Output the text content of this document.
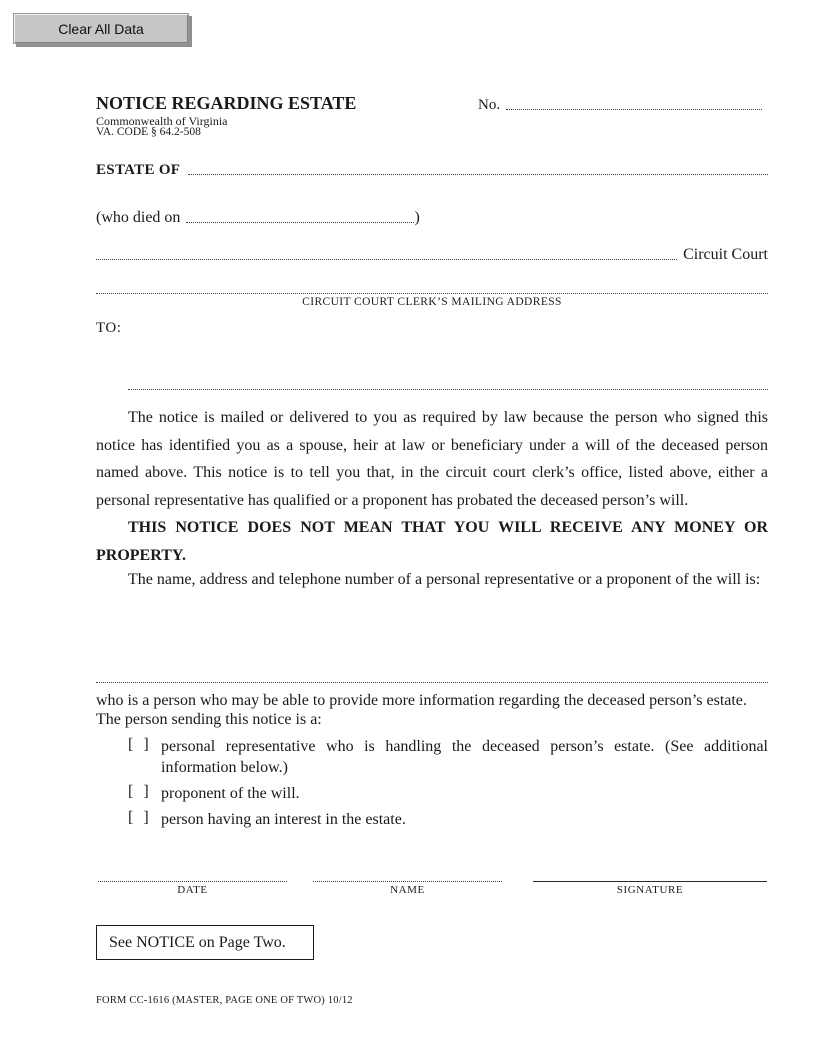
Clear All Data
NOTICE REGARDING ESTATE
Commonwealth of Virginia
VA. CODE § 64.2-508
No.
ESTATE OF
(who died on	)
Circuit Court
CIRCUIT COURT CLERK’S MAILING ADDRESS
TO:
The notice is mailed or delivered to you as required by law because the person who signed this notice has identified you as a spouse, heir at law or beneficiary under a will of the deceased person named above. This notice is to tell you that, in the circuit court clerk’s office, listed above, either a personal representative has qualified or a proponent has probated the deceased person’s will.
THIS NOTICE DOES NOT MEAN THAT YOU WILL RECEIVE ANY MONEY OR PROPERTY.
The name, address and telephone number of a personal representative or a proponent of the will is:
who is a person who may be able to provide more information regarding the deceased person’s estate.
The person sending this notice is a:
[ ] personal representative who is handling the deceased person’s estate. (See additional information below.)
[ ] proponent of the will.
[ ] person having an interest in the estate.
DATE	NAME	SIGNATURE
See NOTICE on Page Two.
FORM CC-1616 (MASTER, PAGE ONE OF TWO) 10/12
